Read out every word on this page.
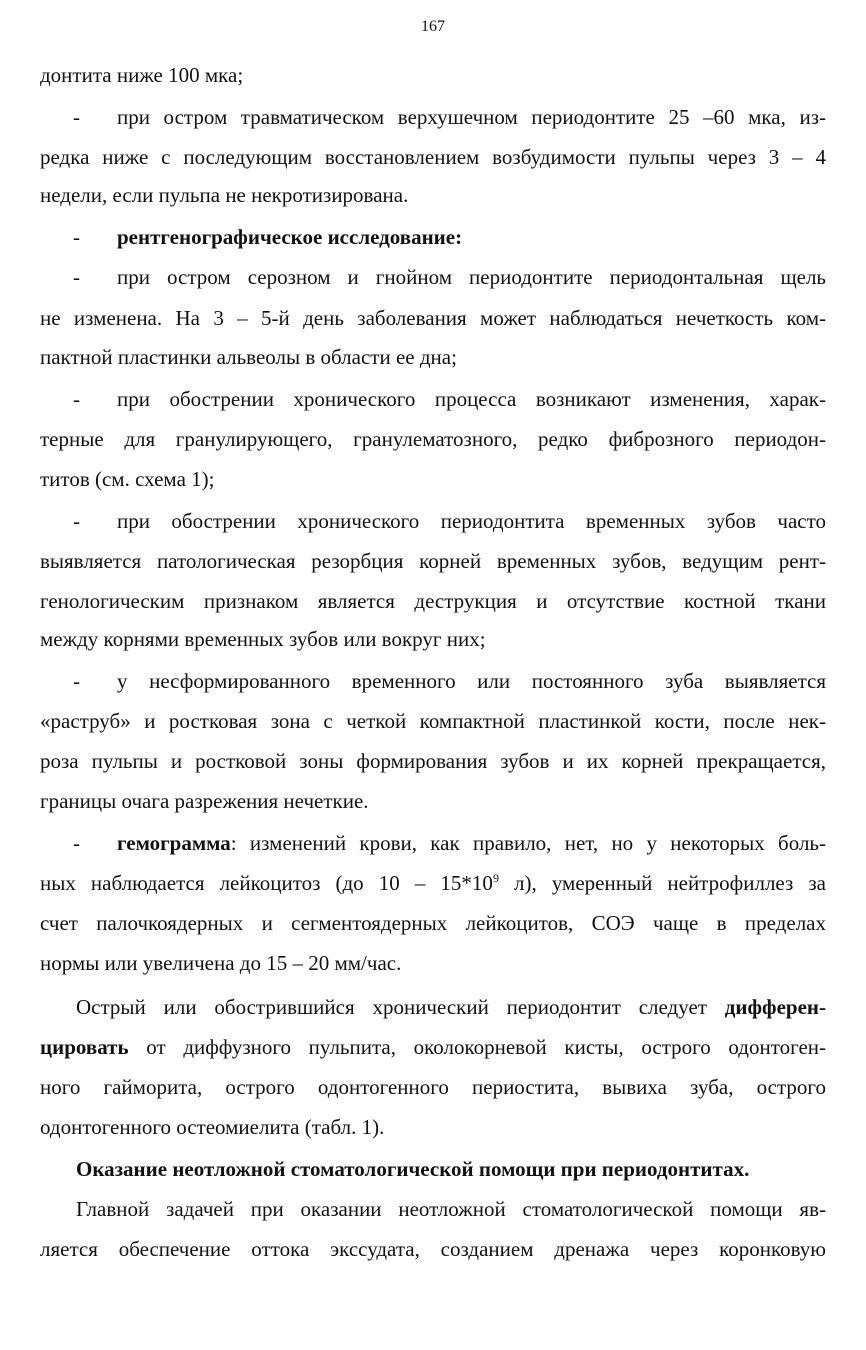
167
донтита ниже 100 мка;
- при остром травматическом верхушечном периодонтите 25 –60 мка, из-
редка ниже с последующим восстановлением возбудимости пульпы через 3 – 4
недели, если пульпа не некротизирована.
- рентгенографическое исследование:
- при остром серозном и гнойном периодонтите периодонтальная щель
не изменена. На 3 – 5-й день заболевания может наблюдаться нечеткость ком-
пактной пластинки альвеолы в области ее дна;
- при обострении хронического процесса возникают изменения, харак-
терные для гранулирующего, гранулематозного, редко фиброзного периодон-
титов (см. схема 1);
- при обострении хронического периодонтита временных зубов часто
выявляется патологическая резорбция корней временных зубов, ведущим рент-
генологическим признаком является деструкция и отсутствие костной ткани
между корнями временных зубов или вокруг них;
- у несформированного временного или постоянного зуба выявляется
«раструб» и ростковая зона с четкой компактной пластинкой кости, после нек-
роза пульпы и ростковой зоны формирования зубов и их корней прекращается,
границы очага разрежения нечеткие.
- гемограмма: изменений крови, как правило, нет, но у некоторых боль-
ных наблюдается лейкоцитоз (до $10 - 15*10^9$ л), умеренный нейтрофиллез за
счет палочкоядерных и сегментоядерных лейкоцитов, СОЭ чаще в пределах
нормы или увеличена до 15 – 20 мм/час.
Острый или обострившийся хронический периодонтит следует дифферен-
цировать от диффузного пульпита, околокорневой кисты, острого одонтоген-
ного гайморита, острого одонтогенного периостита, вывиха зуба, острого
одонтогенного остеомиелита (табл. 1).
Оказание неотложной стоматологической помощи при периодонтитах.
Главной задачей при оказании неотложной стоматологической помощи яв-
ляется обеспечение оттока экссудата, созданием дренажа через коронковую
